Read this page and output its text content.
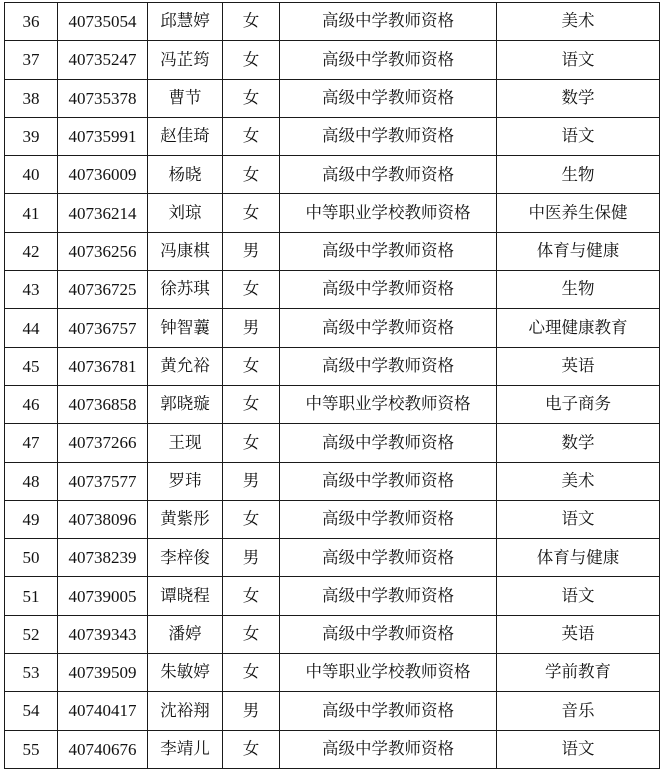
36	40735054	邱慧婷	女	高级中学教师资格	美术
37	40735247	冯芷筠	女	高级中学教师资格	语文
38	40735378	曹节	女	高级中学教师资格	数学
39	40735991	赵佳琦	女	高级中学教师资格	语文
40	40736009	杨晓	女	高级中学教师资格	生物
41	40736214	刘琼	女	中等职业学校教师资格	中医养生保健
42	40736256	冯康棋	男	高级中学教师资格	体育与健康
43	40736725	徐苏琪	女	高级中学教师资格	生物
44	40736757	钟智蘘	男	高级中学教师资格	心理健康教育
45	40736781	黄允裕	女	高级中学教师资格	英语
46	40736858	郭晓璇	女	中等职业学校教师资格	电子商务
47	40737266	王现	女	高级中学教师资格	数学
48	40737577	罗玮	男	高级中学教师资格	美术
49	40738096	黄紫彤	女	高级中学教师资格	语文
50	40738239	李梓俊	男	高级中学教师资格	体育与健康
51	40739005	谭晓程	女	高级中学教师资格	语文
52	40739343	潘婷	女	高级中学教师资格	英语
53	40739509	朱敏婷	女	中等职业学校教师资格	学前教育
54	40740417	沈裕翔	男	高级中学教师资格	音乐
55	40740676	李靖儿	女	高级中学教师资格	语文
